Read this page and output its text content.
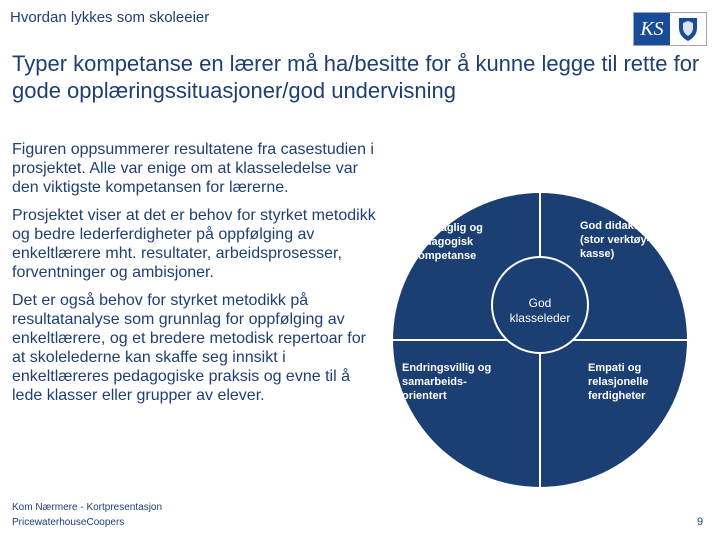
Hvordan lykkes som skoleeier	KS
Typer kompetanse en lærer må ha/besitte for å kunne legge til rette for gode opplæringssituasjoner/god undervisning

Figuren oppsummerer resultatene fra casestudien i prosjektet. Alle var enige om at klasseledelse var den viktigste kompetansen for lærerne.

Prosjektet viser at det er behov for styrket metodikk og bedre lederferdigheter på oppfølging av enkeltlærere mht. resultater, arbeidsprosesser, forventninger og ambisjoner.

Det er også behov for styrket metodikk på resultatanalyse som grunnlag for oppfølging av enkeltlærere, og et bredere metodisk repertoar for at skolelederne kan skaffe seg innsikt i enkeltlæreres pedagogiske praksis og evne til å lede klasser eller grupper av elever.

God faglig og
pedagogisk
kompetanse
God didaktiker
(stor verktøy-
kasse)
Endringsvillig og
samarbeids-
orientert
Empati og
relasjonelle
ferdigheter
God
klasseleder
Kom Nærmere - Kortpresentasjon
PricewaterhouseCoopers	9
